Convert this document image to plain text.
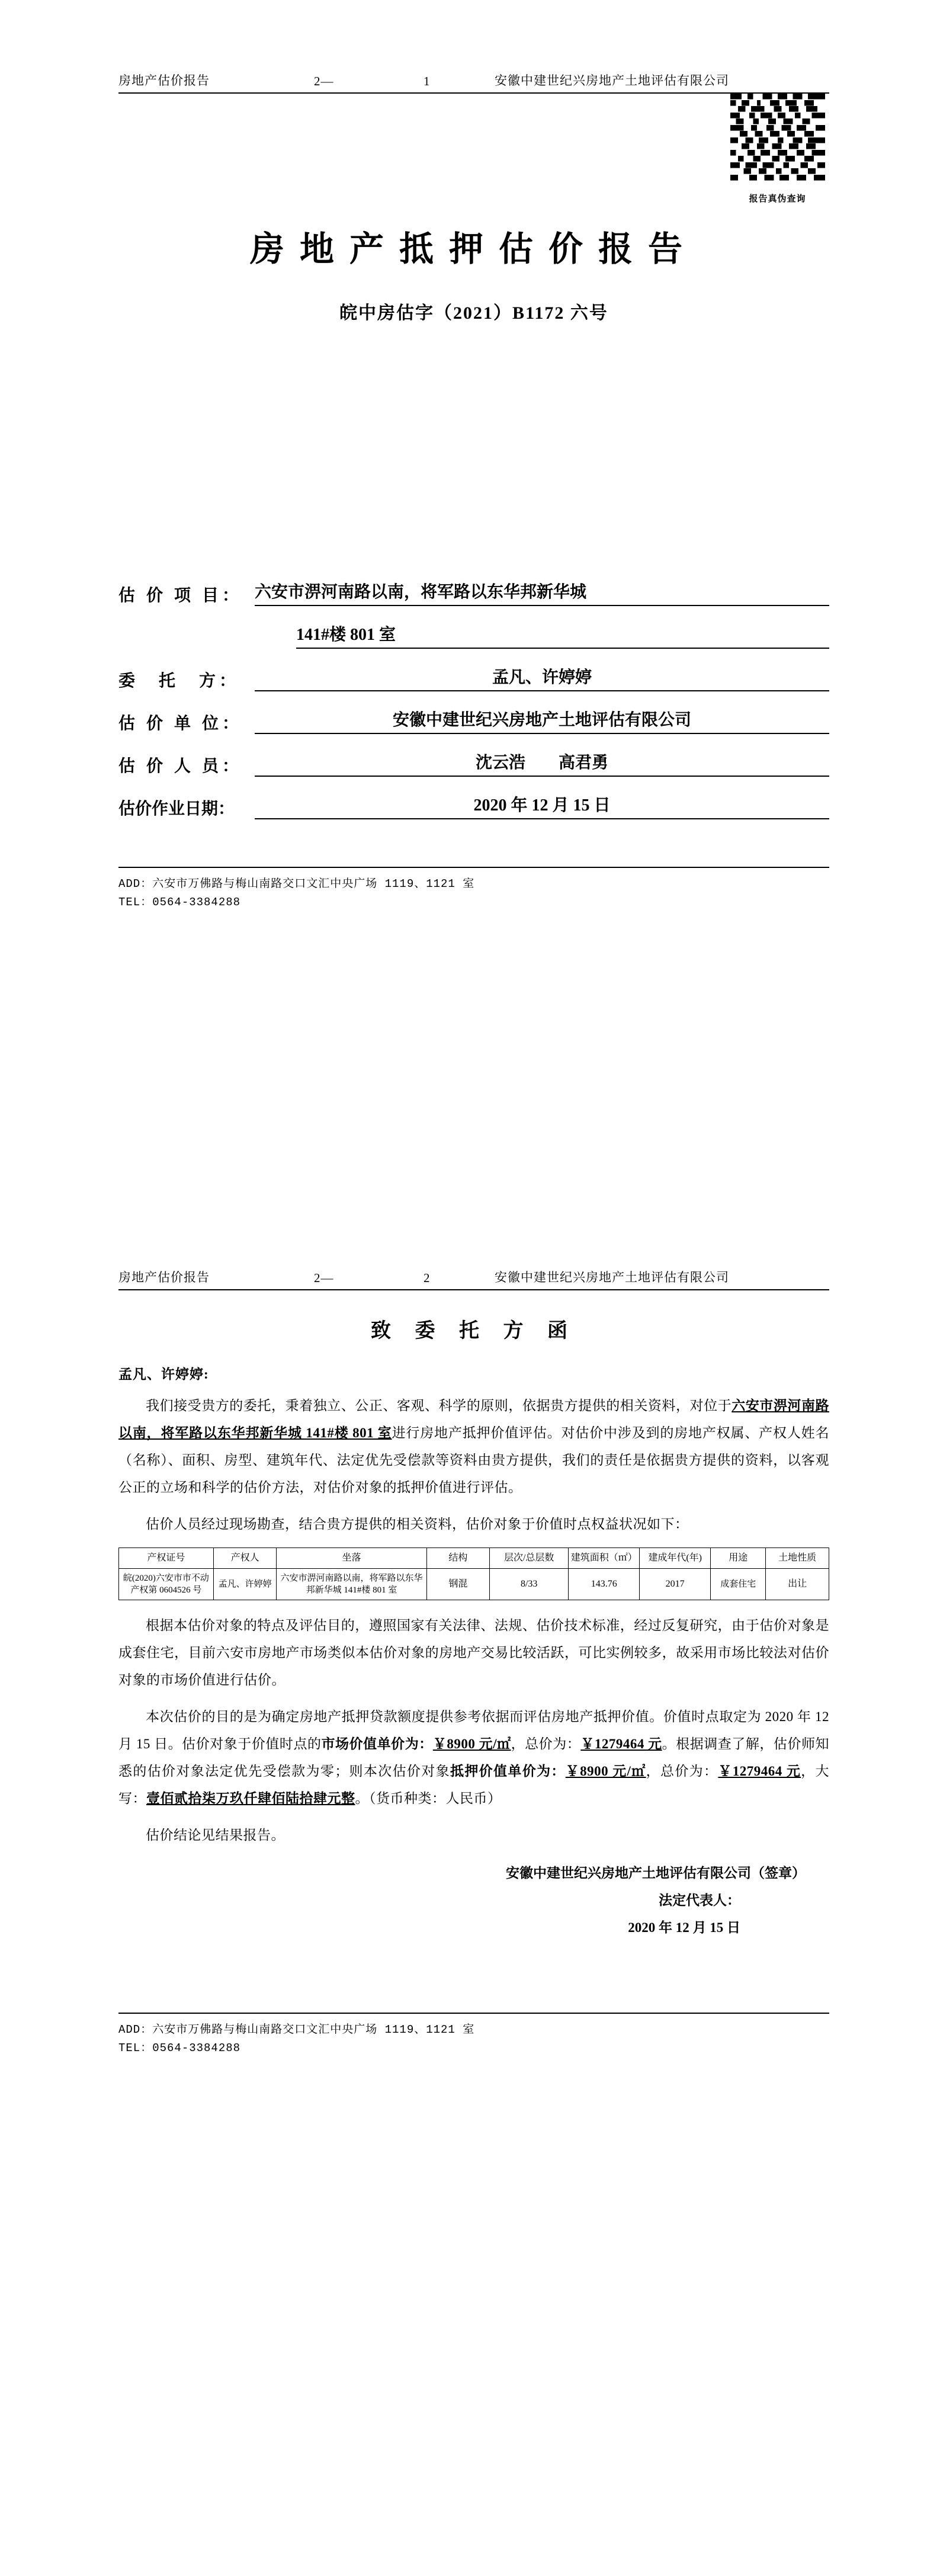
房地产估价报告	2—	1	安徽中建世纪兴房地产土地评估有限公司
报告真伪查询
房地产抵押估价报告
皖中房估字（2021）B1172 六号
估 价 项 目： 六安市淠河南路以南，将军路以东华邦新华城
141#楼 801 室
委　托　方：	孟凡、许婷婷
估 价 单 位：	安徽中建世纪兴房地产土地评估有限公司
估 价 人 员：	沈云浩　　高君勇
估价作业日期：	2020 年 12 月 15 日
ADD：六安市万佛路与梅山南路交口文汇中央广场 1119、1121 室
TEL：0564-3384288
房地产估价报告	2—	2	安徽中建世纪兴房地产土地评估有限公司
致 委 托 方 函
孟凡、许婷婷:

我们接受贵方的委托，秉着独立、公正、客观、科学的原则，依据贵方提供的相关资料，对位于六安市淠河南路以南，将军路以东华邦新华城 141#楼 801 室进行房地产抵押价值评估。对估价中涉及到的房地产权属、产权人姓名（名称）、面积、房型、建筑年代、法定优先受偿款等资料由贵方提供，我们的责任是依据贵方提供的资料，以客观公正的立场和科学的估价方法，对估价对象的抵押价值进行评估。

估价人员经过现场勘查，结合贵方提供的相关资料，估价对象于价值时点权益状况如下：

产权证号	产权人	坐落	结构	层次/总层数	建筑面积（㎡）	建成年代(年)	用途	土地性质
皖(2020)六安市市不动产权第 0604526 号	孟凡、许婷婷	六安市淠河南路以南，将军路以东华邦新华城 141#楼 801 室	钢混	8/33	143.76	2017	成套住宅	出让

根据本估价对象的特点及评估目的，遵照国家有关法律、法规、估价技术标准，经过反复研究，由于估价对象是成套住宅，目前六安市房地产市场类似本估价对象的房地产交易比较活跃，可比实例较多，故采用市场比较法对估价对象的市场价值进行估价。

本次估价的目的是为确定房地产抵押贷款额度提供参考依据而评估房地产抵押价值。价值时点取定为 2020 年 12 月 15 日。估价对象于价值时点的市场价值单价为：￥8900 元/㎡，总价为：￥1279464 元。根据调查了解，估价师知悉的估价对象法定优先受偿款为零；则本次估价对象抵押价值单价为：￥8900 元/㎡，总价为：￥1279464 元，大写：壹佰贰拾柒万玖仟肆佰陆拾肆元整。（货币种类：人民币）

估价结论见结果报告。

安徽中建世纪兴房地产土地评估有限公司（签章）
法定代表人：
2020 年 12 月 15 日
ADD：六安市万佛路与梅山南路交口文汇中央广场 1119、1121 室
TEL：0564-3384288
